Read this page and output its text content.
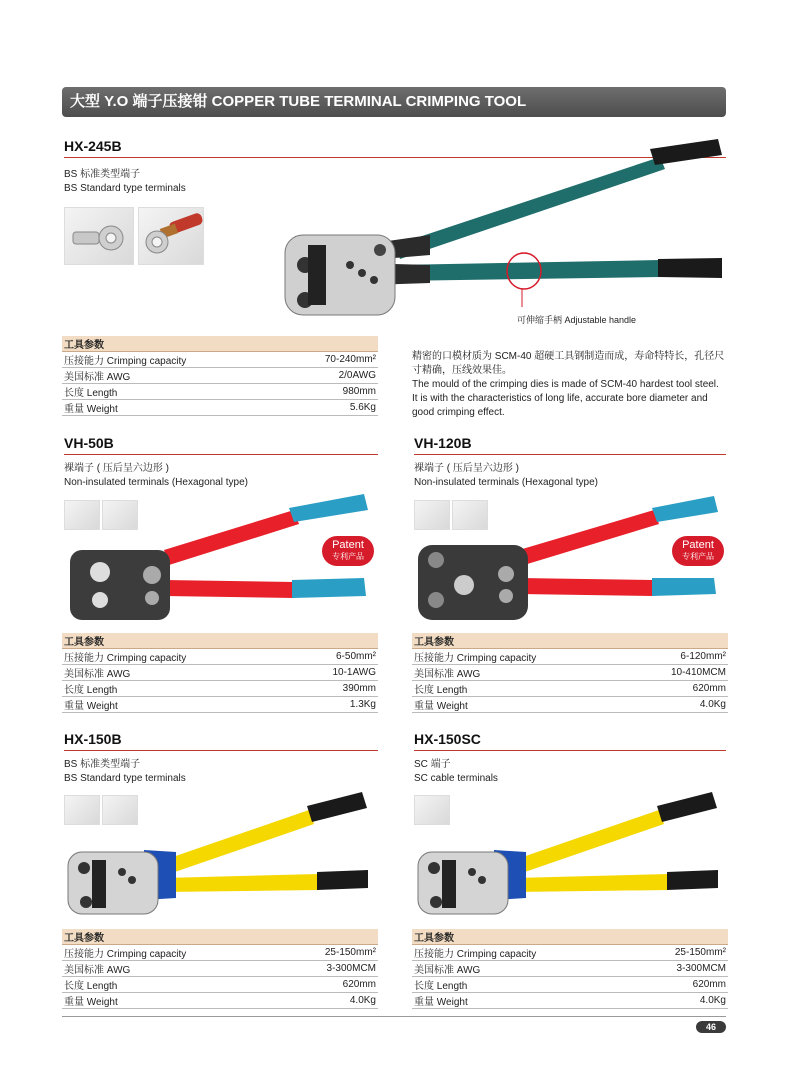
大型 Y.O 端子压接钳 COPPER TUBE TERMINAL CRIMPING TOOL
HX-245B
BS 标准类型端子
BS Standard type terminals
可伸缩手柄 Adjustable handle
工具参数	
压接能力 Crimping capacity	70-240mm²
美国标准 AWG	2/0AWG
长度 Length	980mm
重量 Weight	5.6Kg
精密的口模材质为 SCM-40 超硬工具钢制造而成，寿命特特长，孔径尺寸精确，压线效果佳。
The mould of the crimping dies is made of SCM-40 hardest tool steel. It is with the characteristics of long life, accurate bore diameter and good crimping effect.
VH-50B
裸端子 ( 压后呈六边形 )
Non-insulated terminals (Hexagonal type)
Patent
专利产品
工具参数	
压接能力 Crimping capacity	6-50mm²
美国标准 AWG	10-1AWG
长度 Length	390mm
重量 Weight	1.3Kg
VH-120B
裸端子 ( 压后呈六边形 )
Non-insulated terminals (Hexagonal type)
Patent
专利产品
工具参数	
压接能力 Crimping capacity	6-120mm²
美国标准 AWG	10-410MCM
长度 Length	620mm
重量 Weight	4.0Kg
HX-150B
BS 标准类型端子
BS Standard type terminals
工具参数	
压接能力 Crimping capacity	25-150mm²
美国标准 AWG	3-300MCM
长度 Length	620mm
重量 Weight	4.0Kg
HX-150SC
SC 端子
SC cable terminals
工具参数	
压接能力 Crimping capacity	25-150mm²
美国标准 AWG	3-300MCM
长度 Length	620mm
重量 Weight	4.0Kg
46
